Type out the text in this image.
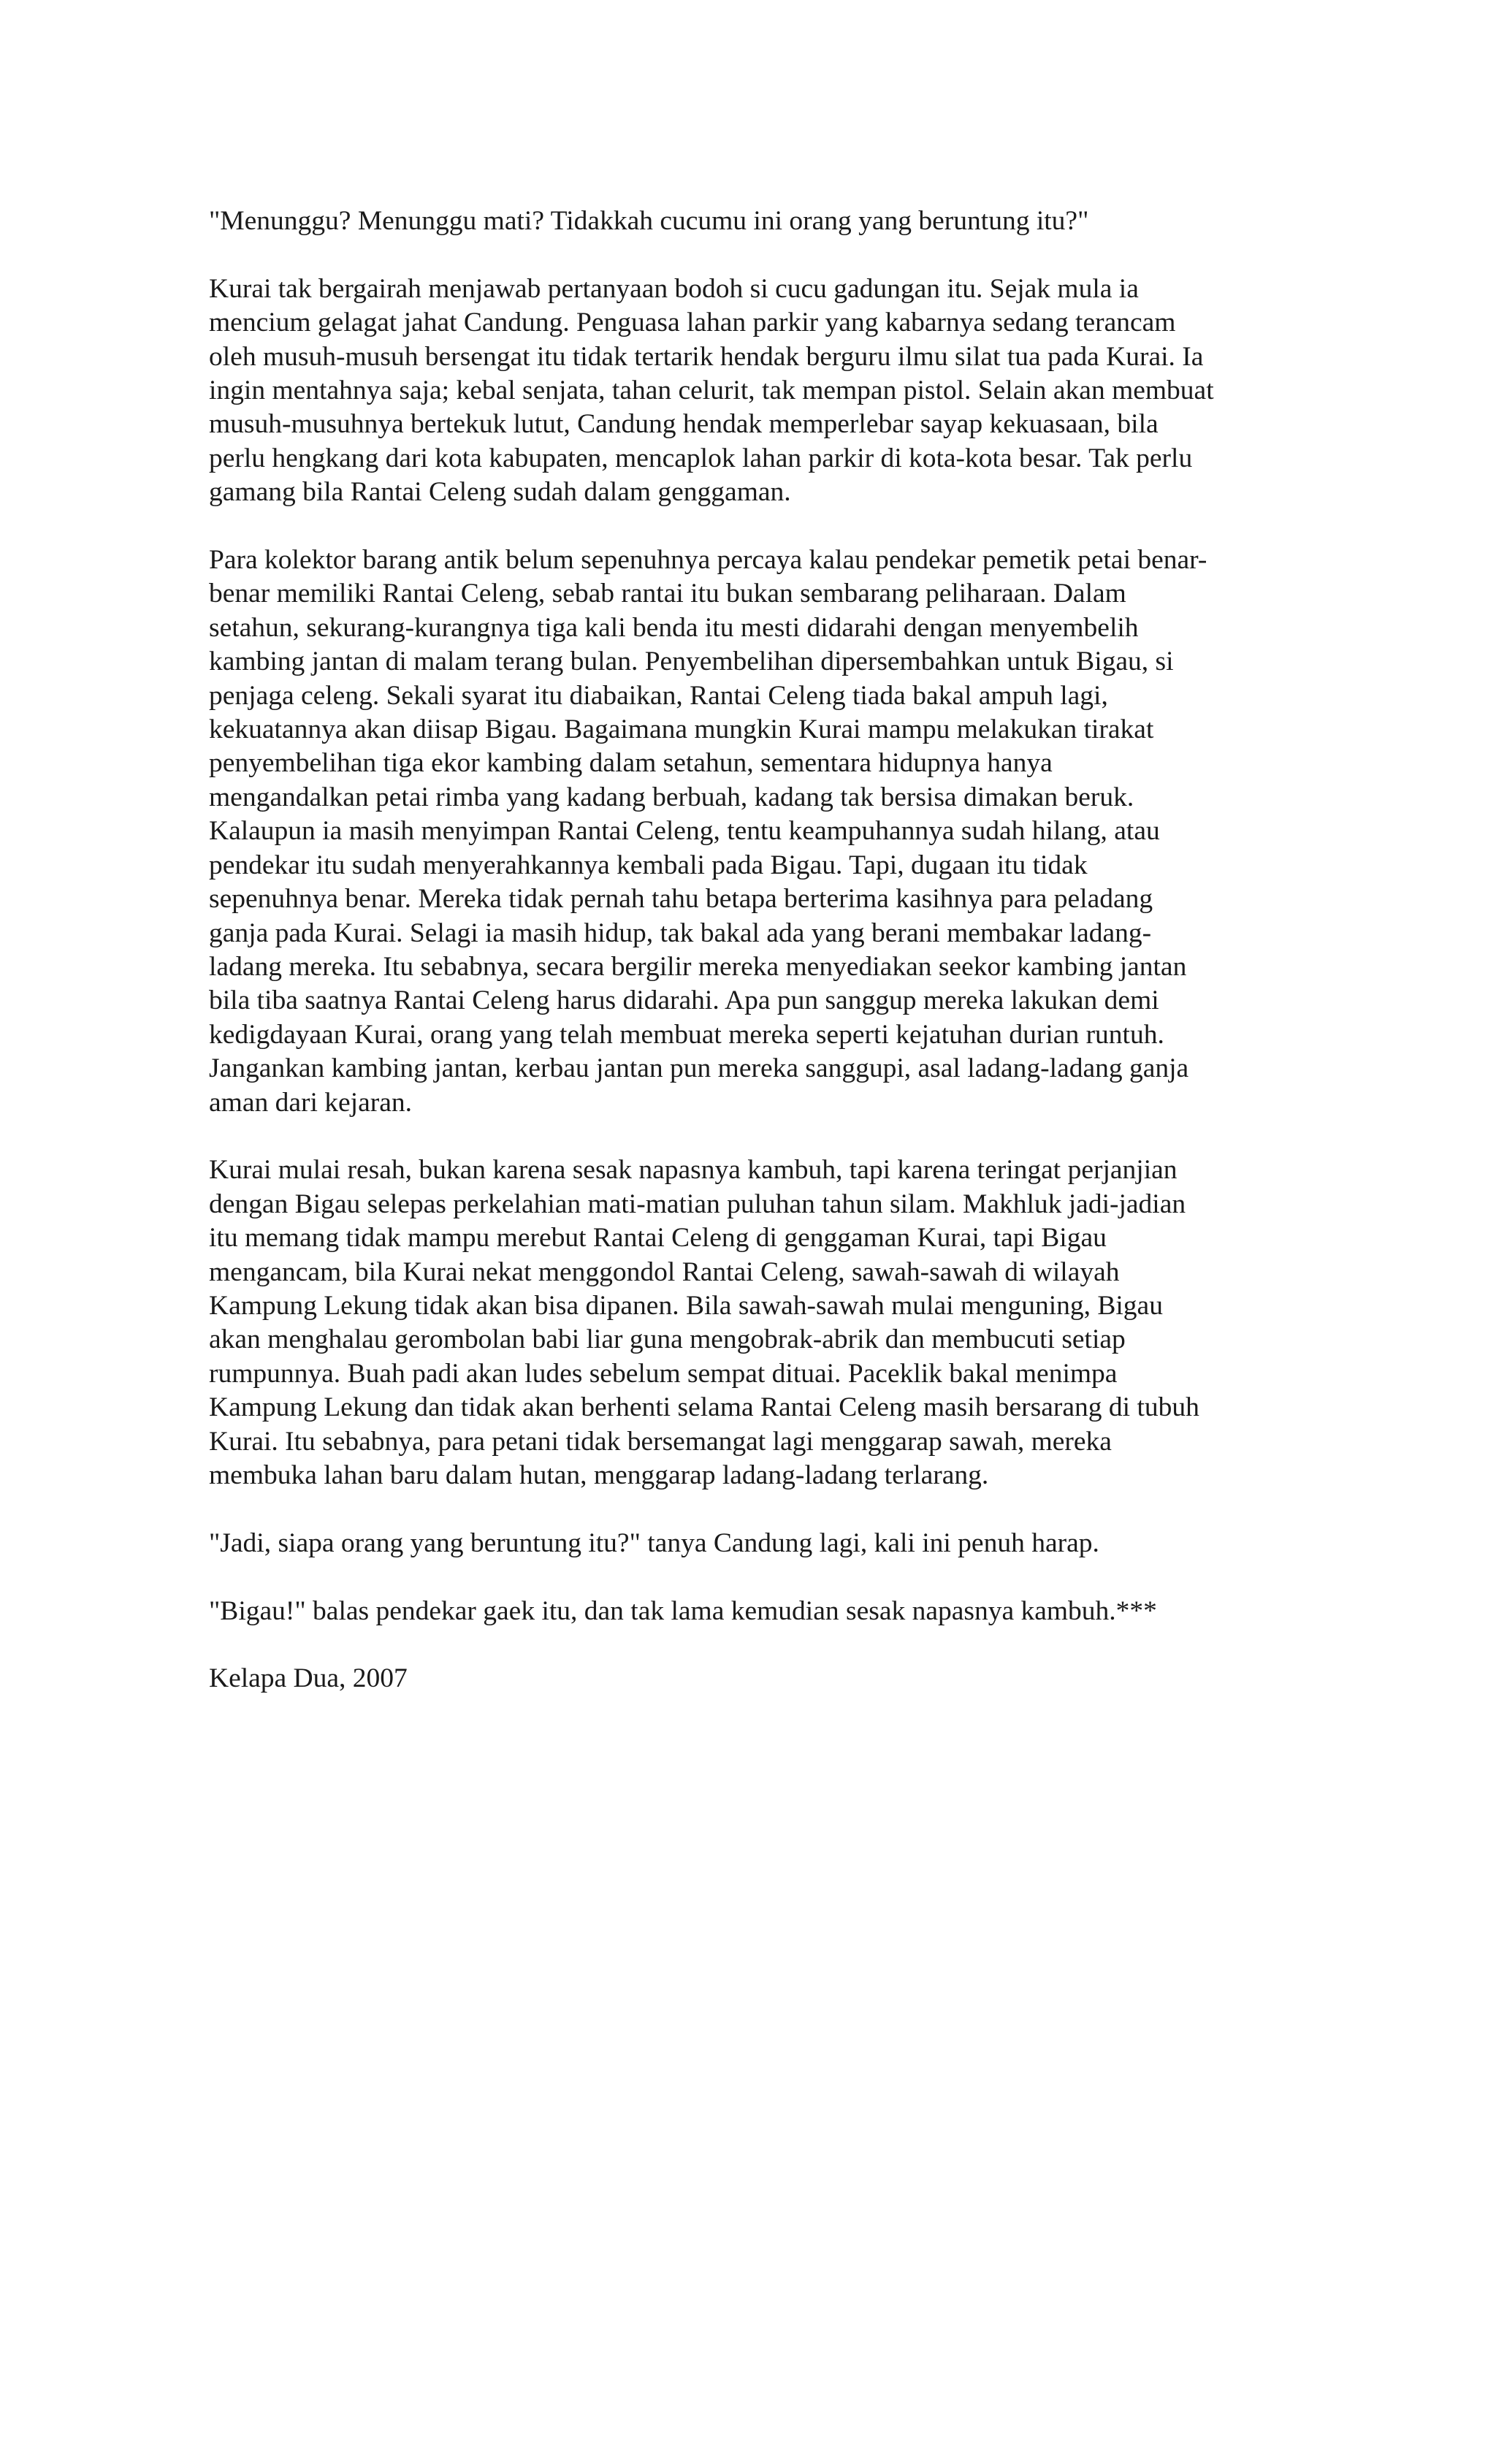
"Menunggu? Menunggu mati? Tidakkah cucumu ini orang yang beruntung itu?"

Kurai tak bergairah menjawab pertanyaan bodoh si cucu gadungan itu. Sejak mula ia
mencium gelagat jahat Candung. Penguasa lahan parkir yang kabarnya sedang terancam
oleh musuh-musuh bersengat itu tidak tertarik hendak berguru ilmu silat tua pada Kurai. Ia
ingin mentahnya saja; kebal senjata, tahan celurit, tak mempan pistol. Selain akan membuat
musuh-musuhnya bertekuk lutut, Candung hendak memperlebar sayap kekuasaan, bila
perlu hengkang dari kota kabupaten, mencaplok lahan parkir di kota-kota besar. Tak perlu
gamang bila Rantai Celeng sudah dalam genggaman.

Para kolektor barang antik belum sepenuhnya percaya kalau pendekar pemetik petai benar-
benar memiliki Rantai Celeng, sebab rantai itu bukan sembarang peliharaan. Dalam
setahun, sekurang-kurangnya tiga kali benda itu mesti didarahi dengan menyembelih
kambing jantan di malam terang bulan. Penyembelihan dipersembahkan untuk Bigau, si
penjaga celeng. Sekali syarat itu diabaikan, Rantai Celeng tiada bakal ampuh lagi,
kekuatannya akan diisap Bigau. Bagaimana mungkin Kurai mampu melakukan tirakat
penyembelihan tiga ekor kambing dalam setahun, sementara hidupnya hanya
mengandalkan petai rimba yang kadang berbuah, kadang tak bersisa dimakan beruk.
Kalaupun ia masih menyimpan Rantai Celeng, tentu keampuhannya sudah hilang, atau
pendekar itu sudah menyerahkannya kembali pada Bigau. Tapi, dugaan itu tidak
sepenuhnya benar. Mereka tidak pernah tahu betapa berterima kasihnya para peladang
ganja pada Kurai. Selagi ia masih hidup, tak bakal ada yang berani membakar ladang-
ladang mereka. Itu sebabnya, secara bergilir mereka menyediakan seekor kambing jantan
bila tiba saatnya Rantai Celeng harus didarahi. Apa pun sanggup mereka lakukan demi
kedigdayaan Kurai, orang yang telah membuat mereka seperti kejatuhan durian runtuh.
Jangankan kambing jantan, kerbau jantan pun mereka sanggupi, asal ladang-ladang ganja
aman dari kejaran.

Kurai mulai resah, bukan karena sesak napasnya kambuh, tapi karena teringat perjanjian
dengan Bigau selepas perkelahian mati-matian puluhan tahun silam. Makhluk jadi-jadian
itu memang tidak mampu merebut Rantai Celeng di genggaman Kurai, tapi Bigau
mengancam, bila Kurai nekat menggondol Rantai Celeng, sawah-sawah di wilayah
Kampung Lekung tidak akan bisa dipanen. Bila sawah-sawah mulai menguning, Bigau
akan menghalau gerombolan babi liar guna mengobrak-abrik dan membucuti setiap
rumpunnya. Buah padi akan ludes sebelum sempat dituai. Paceklik bakal menimpa
Kampung Lekung dan tidak akan berhenti selama Rantai Celeng masih bersarang di tubuh
Kurai. Itu sebabnya, para petani tidak bersemangat lagi menggarap sawah, mereka
membuka lahan baru dalam hutan, menggarap ladang-ladang terlarang.

"Jadi, siapa orang yang beruntung itu?" tanya Candung lagi, kali ini penuh harap.

"Bigau!" balas pendekar gaek itu, dan tak lama kemudian sesak napasnya kambuh.***

Kelapa Dua, 2007
